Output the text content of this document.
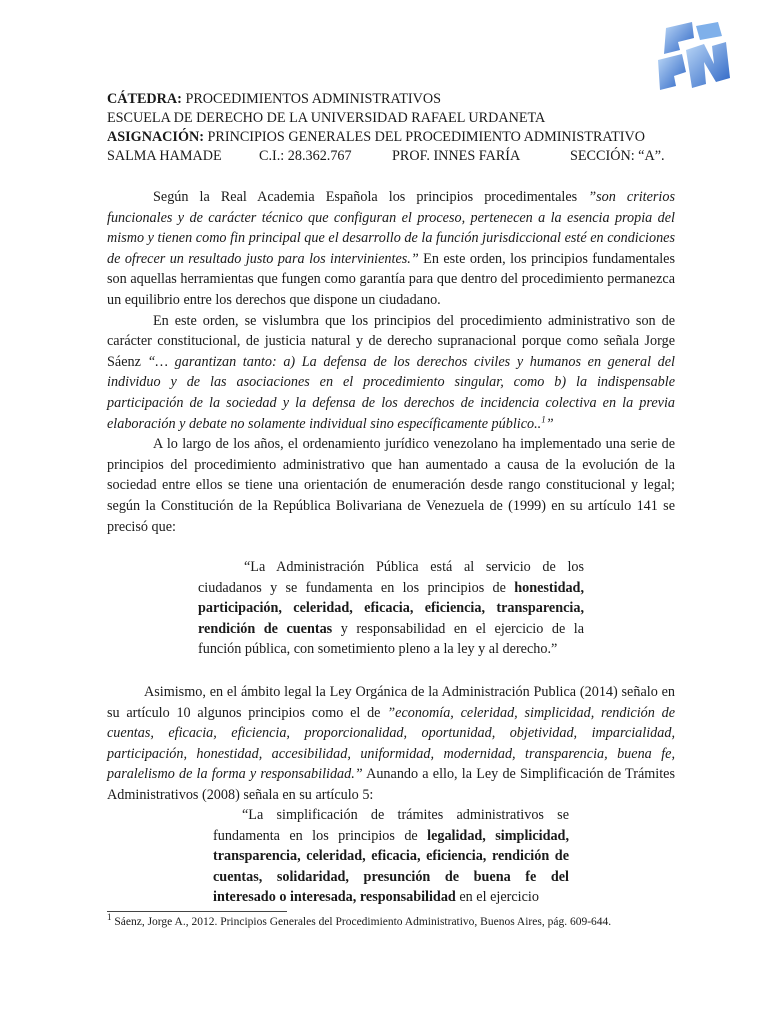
CÁTEDRA: PROCEDIMIENTOS ADMINISTRATIVOS
ESCUELA DE DERECHO DE LA UNIVERSIDAD RAFAEL URDANETA
ASIGNACIÓN: PRINCIPIOS GENERALES DEL PROCEDIMIENTO ADMINISTRATIVO
SALMA HAMADE	C.I.: 28.362.767	PROF. INNES FARÍA	SECCIÓN: “A”.

Según la Real Academia Española los principios procedimentales ”son criterios funcionales y de carácter técnico que configuran el proceso, pertenecen a la esencia propia del mismo y tienen como fin principal que el desarrollo de la función jurisdiccional esté en condiciones de ofrecer un resultado justo para los intervinientes.” En este orden, los principios fundamentales son aquellas herramientas que fungen como garantía para que dentro del procedimiento permanezca un equilibrio entre los derechos que dispone un ciudadano.

En este orden, se vislumbra que los principios del procedimiento administrativo son de carácter constitucional, de justicia natural y de derecho supranacional porque como señala Jorge Sáenz “… garantizan tanto: a) La defensa de los derechos civiles y humanos en general del individuo y de las asociaciones en el procedimiento singular, como b) la indispensable participación de la sociedad y la defensa de los derechos de incidencia colectiva en la previa elaboración y debate no solamente individual sino específicamente público..$^1$”

A lo largo de los años, el ordenamiento jurídico venezolano ha implementado una serie de principios del procedimiento administrativo que han aumentado a causa de la evolución de la sociedad entre ellos se tiene una orientación de enumeración desde rango constitucional y legal; según la Constitución de la República Bolivariana de Venezuela de (1999) en su artículo 141 se precisó que:

“La Administración Pública está al servicio de los ciudadanos y se fundamenta en los principios de honestidad, participación, celeridad, eficacia, eficiencia, transparencia, rendición de cuentas y responsabilidad en el ejercicio de la función pública, con sometimiento pleno a la ley y al derecho.”

Asimismo, en el ámbito legal la Ley Orgánica de la Administración Publica (2014) señalo en su artículo 10 algunos principios como el de ”economía, celeridad, simplicidad, rendición de cuentas, eficacia, eficiencia, proporcionalidad, oportunidad, objetividad, imparcialidad, participación, honestidad, accesibilidad, uniformidad, modernidad, transparencia, buena fe, paralelismo de la forma y responsabilidad.” Aunando a ello, la Ley de Simplificación de Trámites Administrativos (2008) señala en su artículo 5:

“La simplificación de trámites administrativos se fundamenta en los principios de legalidad, simplicidad, transparencia, celeridad, eficacia, eficiencia, rendición de cuentas, solidaridad, presunción de buena fe del interesado o interesada, responsabilidad en el ejercicio

$^1$ Sáenz, Jorge A., 2012. Principios Generales del Procedimiento Administrativo, Buenos Aires, pág. 609-644.
